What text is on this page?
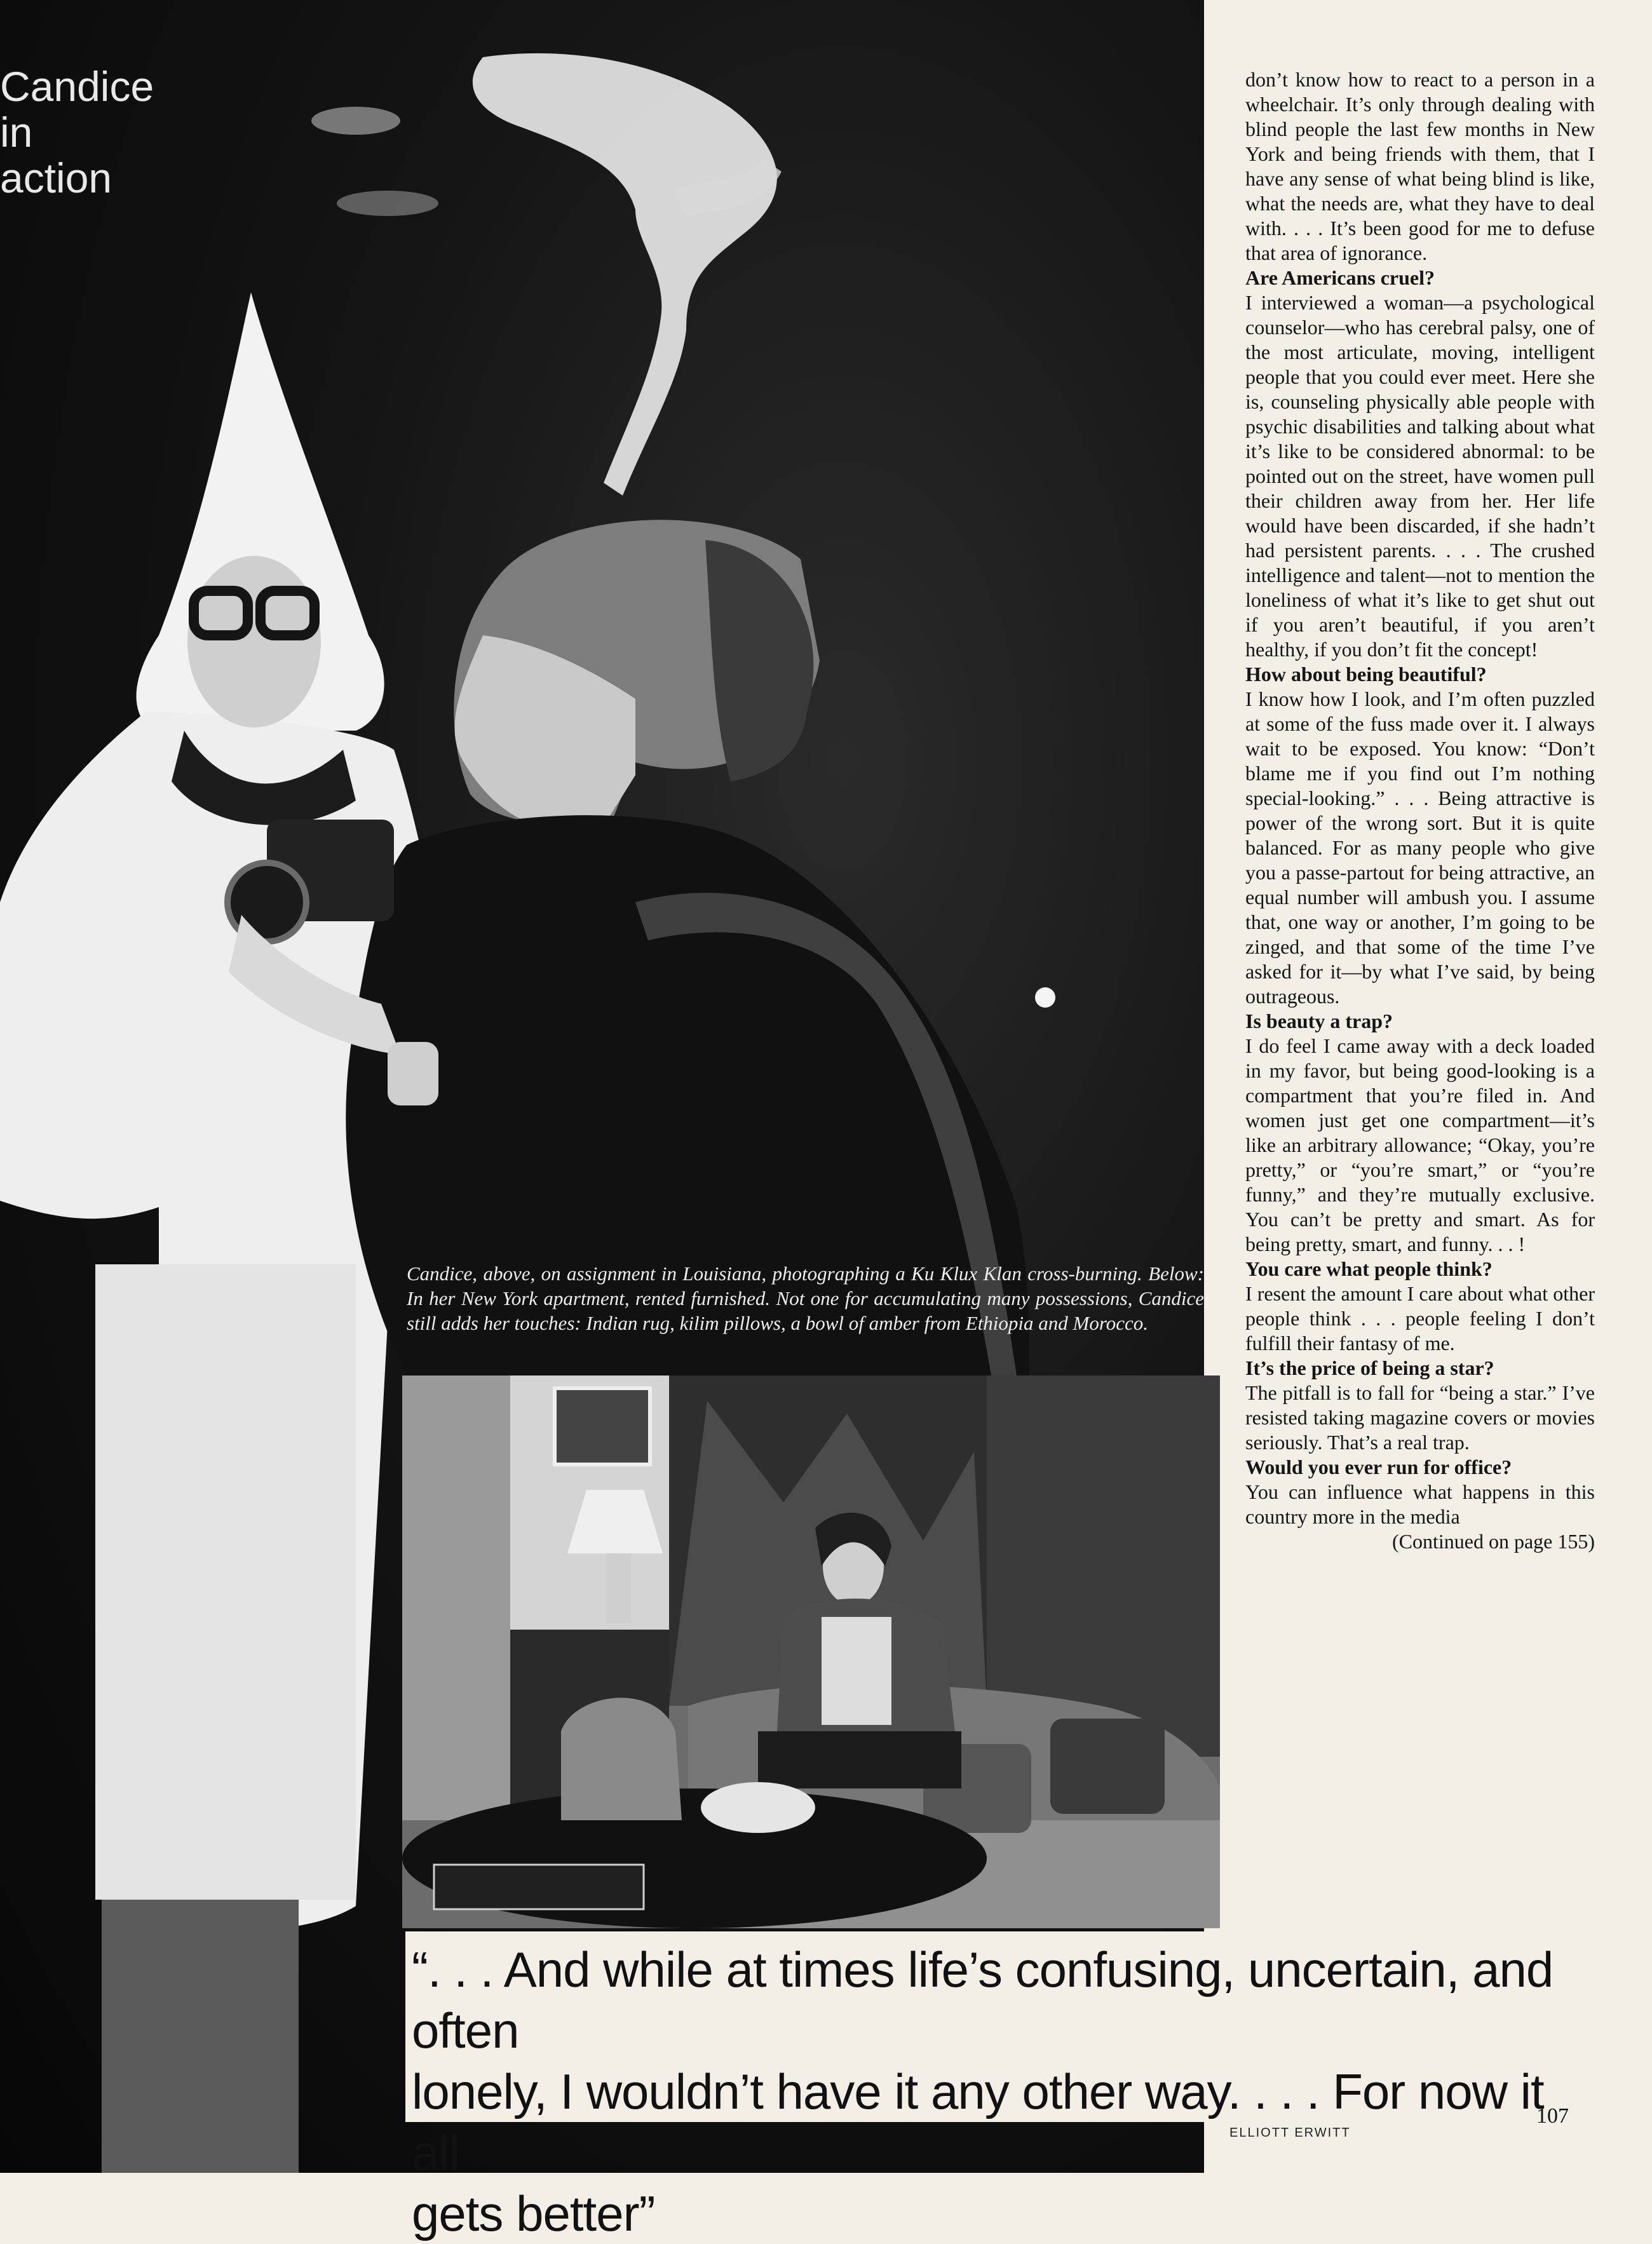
Candice
in
action
Candice, above, on assignment in Louisiana, photographing a Ku Klux Klan cross-burning. Below: In her New York apartment, rented furnished. Not one for accumulating many possessions, Candice still adds her touches: Indian rug, kilim pillows, a bowl of amber from Ethiopia and Morocco.

don’t know how to react to a person in a wheelchair. It’s only through dealing with blind people the last few months in New York and being friends with them, that I have any sense of what being blind is like, what the needs are, what they have to deal with. . . . It’s been good for me to defuse that area of ignorance.

Are Americans cruel?

I interviewed a woman—a psychological counselor—who has cerebral palsy, one of the most articulate, moving, intelligent people that you could ever meet. Here she is, counseling physically able people with psychic disabilities and talking about what it’s like to be considered abnormal: to be pointed out on the street, have women pull their children away from her. Her life would have been discarded, if she hadn’t had persistent parents. . . . The crushed intelligence and talent—not to mention the loneliness of what it’s like to get shut out if you aren’t beautiful, if you aren’t healthy, if you don’t fit the concept!

How about being beautiful?

I know how I look, and I’m often puzzled at some of the fuss made over it. I always wait to be exposed. You know: “Don’t blame me if you find out I’m nothing special-looking.” . . . Being attractive is power of the wrong sort. But it is quite balanced. For as many people who give you a passe-partout for being attractive, an equal number will ambush you. I assume that, one way or another, I’m going to be zinged, and that some of the time I’ve asked for it—by what I’ve said, by being outrageous.

Is beauty a trap?

I do feel I came away with a deck loaded in my favor, but being good-looking is a compartment that you’re filed in. And women just get one compartment—it’s like an arbitrary allowance; “Okay, you’re pretty,” or “you’re smart,” or “you’re funny,” and they’re mutually exclusive. You can’t be pretty and smart. As for being pretty, smart, and funny. . . !

You care what people think?

I resent the amount I care about what other people think . . . people feeling I don’t fulfill their fantasy of me.

It’s the price of being a star?

The pitfall is to fall for “being a star.” I’ve resisted taking magazine covers or movies seriously. That’s a real trap.

Would you ever run for office?

You can influence what happens in this country more in the media

(Continued on page 155)

“. . . And while at times life’s confusing, uncertain, and often
lonely, I wouldn’t have it any other way. . . . For now it all
gets better”
ELLIOTT ERWITT
107
